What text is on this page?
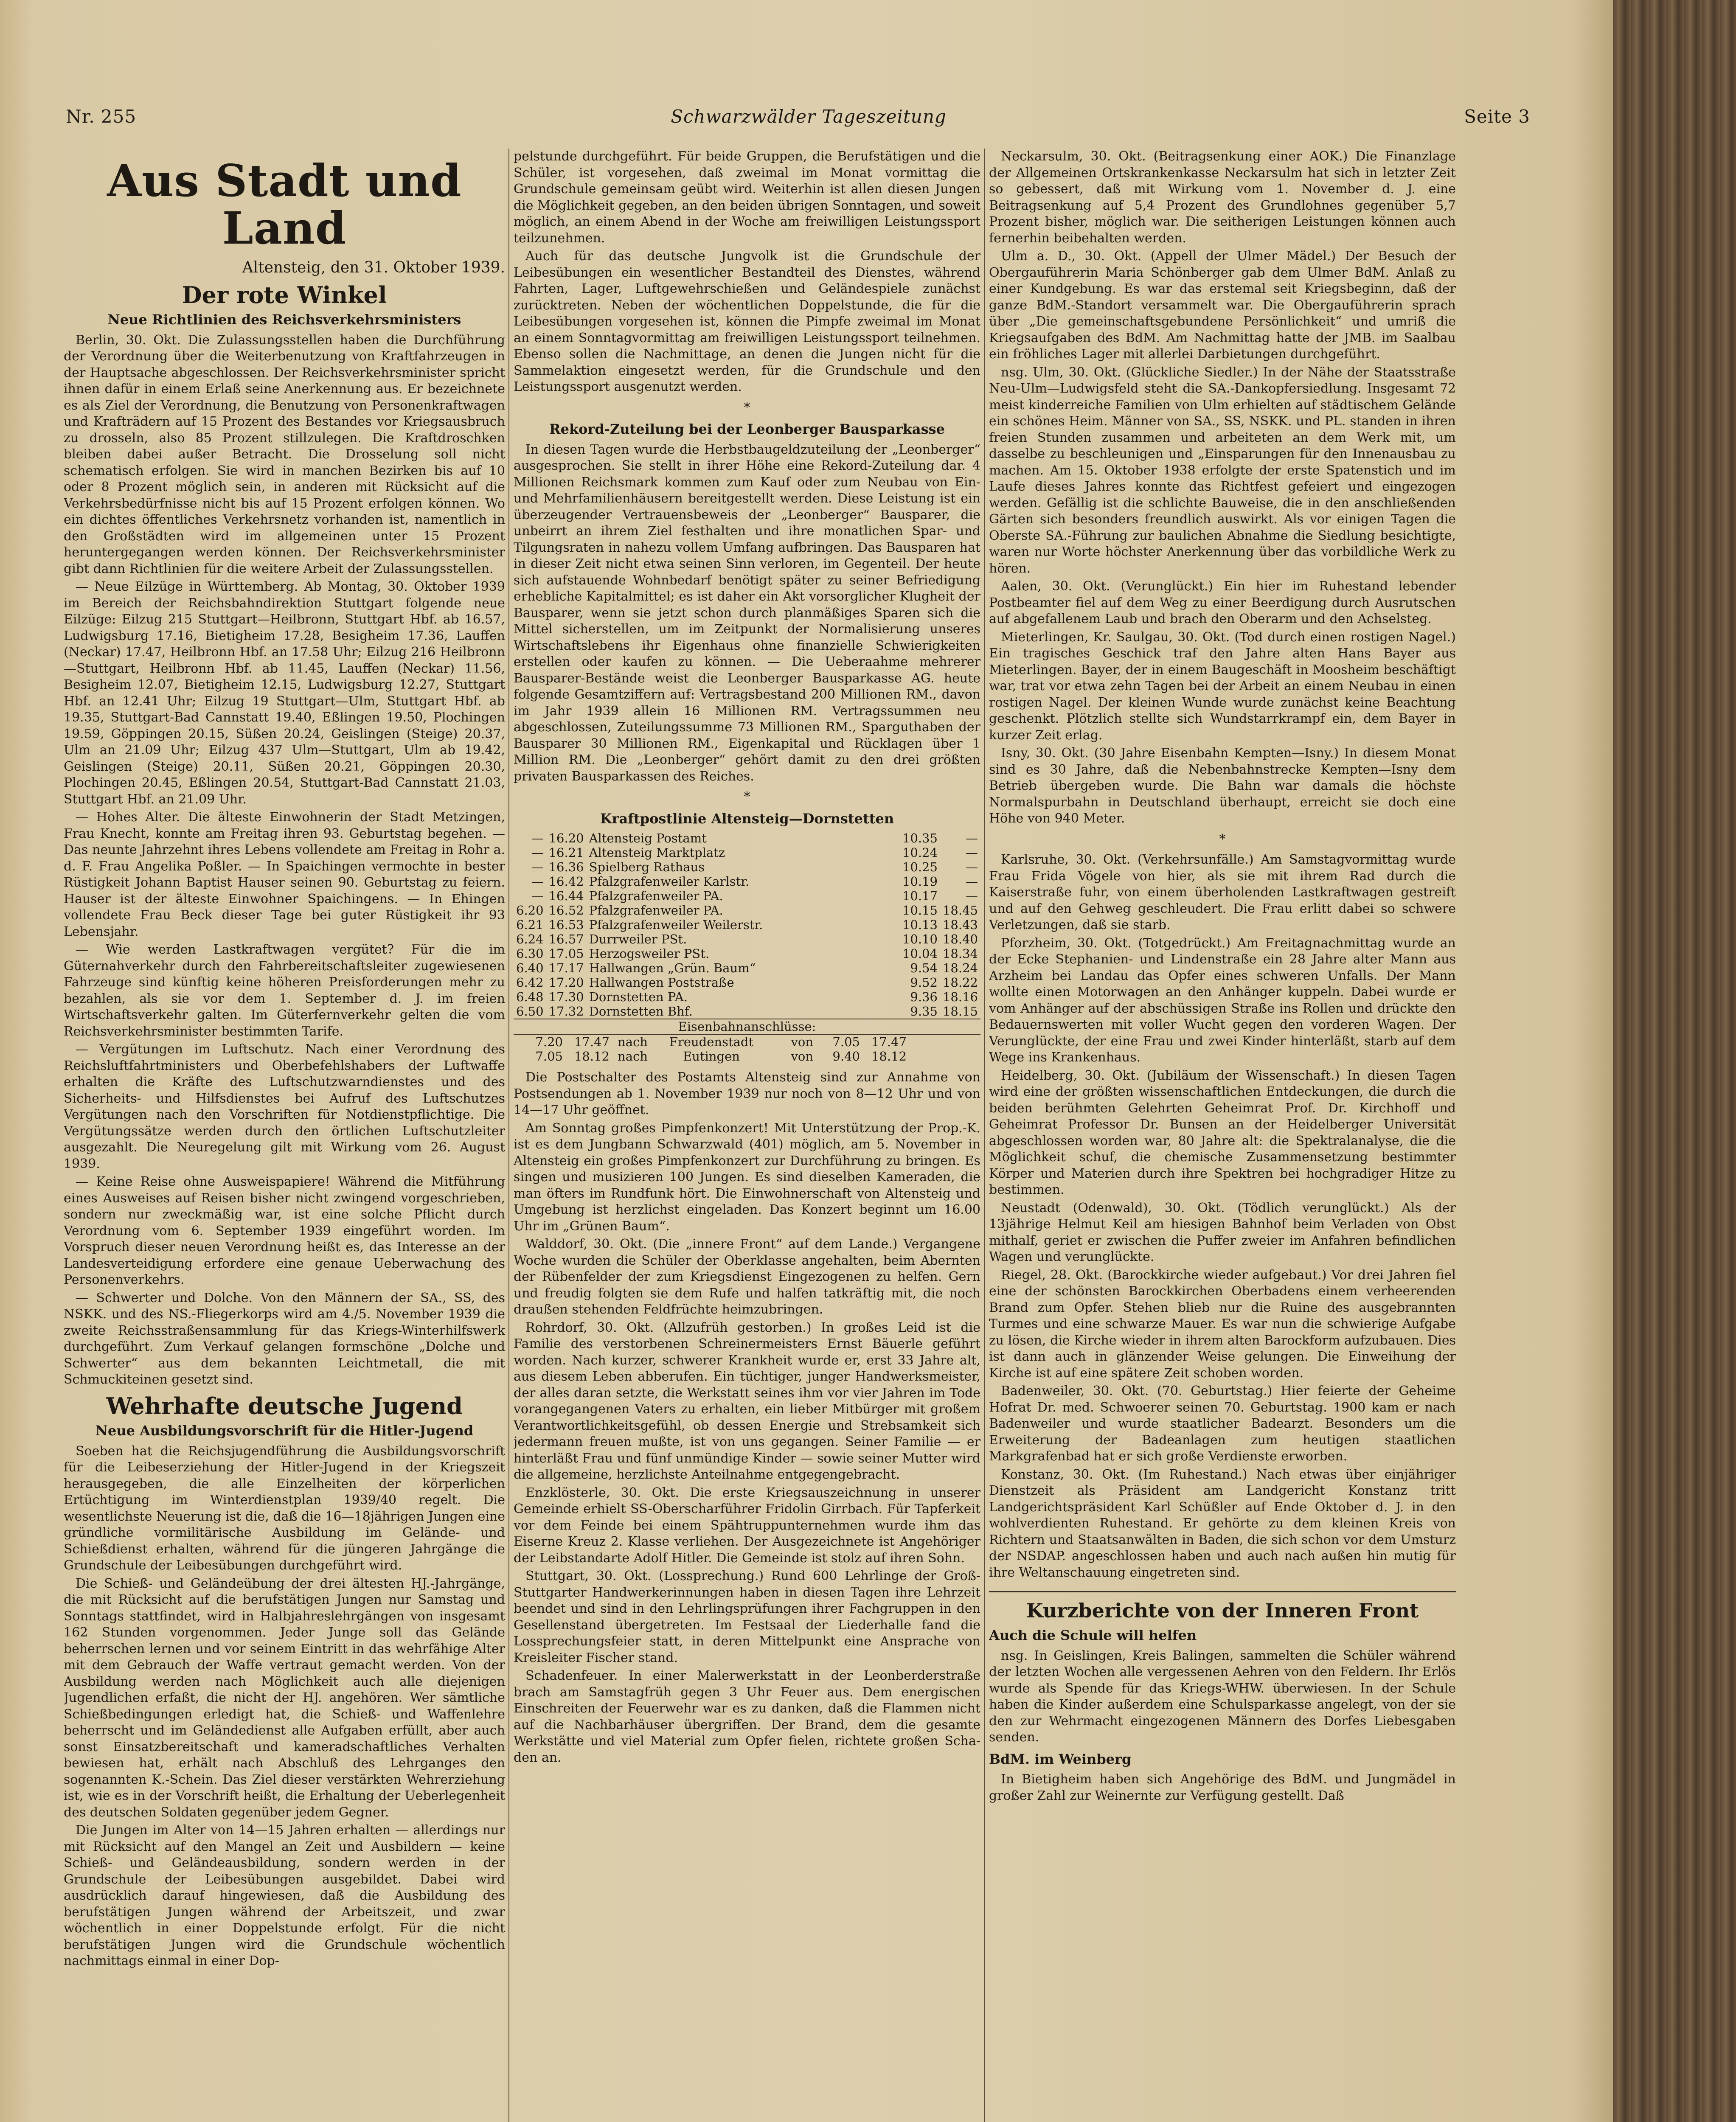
Nr. 255	Schwarzwälder Tageszeitung	Seite 3
Aus Stadt und Land
Altensteig, den 31. Oktober 1939.
Der rote Winkel
Neue Richtlinien des Reichsverkehrsministers

Berlin, 30. Okt. Die Zulassungsstellen haben die Durchführung der Verordnung über die Weiterbenutzung von Kraftfahrzeugen in der Hauptsache abgeschlossen. Der Reichsverkehrsminister spricht ihnen dafür in einem Erlaß seine Anerkennung aus. Er bezeichnete es als Ziel der Verordnung, die Benutzung von Personenkraftwagen und Krafträdern auf 15 Prozent des Bestandes vor Kriegsausbruch zu drosseln, also 85 Prozent stillzulegen. Die Kraftdroschken bleiben dabei außer Betracht. Die Drosselung soll nicht schematisch erfolgen. Sie wird in manchen Bezirken bis auf 10 oder 8 Prozent möglich sein, in anderen mit Rücksicht auf die Verkehrsbedürfnisse nicht bis auf 15 Prozent erfolgen können. Wo ein dichtes öffentliches Verkehrsnetz vorhanden ist, namentlich in den Großstädten wird im allgemeinen unter 15 Prozent heruntergegangen werden können. Der Reichsverkehrsminister gibt dann Richtlinien für die weitere Arbeit der Zulassungsstellen.

— Neue Eilzüge in Württemberg. Ab Montag, 30. Oktober 1939 im Bereich der Reichsbahndirektion Stuttgart folgende neue Eilzüge: Eilzug 215 Stuttgart—Heilbronn, Stuttgart Hbf. ab 16.57, Ludwigsburg 17.16, Bietigheim 17.28, Besigheim 17.36, Lauffen (Neckar) 17.47, Heilbronn Hbf. an 17.58 Uhr; Eilzug 216 Heilbronn—Stuttgart, Heilbronn Hbf. ab 11.45, Lauffen (Neckar) 11.56, Besigheim 12.07, Bietigheim 12.15, Ludwigsburg 12.27, Stuttgart Hbf. an 12.41 Uhr; Eilzug 19 Stuttgart—Ulm, Stuttgart Hbf. ab 19.35, Stuttgart-Bad Cannstatt 19.40, Eßlingen 19.50, Plochingen 19.59, Göppingen 20.15, Süßen 20.24, Geislingen (Steige) 20.37, Ulm an 21.09 Uhr; Eilzug 437 Ulm—Stuttgart, Ulm ab 19.42, Geislingen (Steige) 20.11, Süßen 20.21, Göppingen 20.30, Plochingen 20.45, Eßlingen 20.54, Stuttgart-Bad Cannstatt 21.03, Stuttgart Hbf. an 21.09 Uhr.

— Hohes Alter. Die älteste Einwohnerin der Stadt Metzingen, Frau Knecht, konnte am Freitag ihren 93. Geburtstag begehen. — Das neunte Jahrzehnt ihres Lebens vollendete am Freitag in Rohr a. d. F. Frau Angelika Poßler. — In Spaichingen vermochte in bester Rüstigkeit Johann Baptist Hauser seinen 90. Geburtstag zu feiern. Hauser ist der älteste Einwohner Spaichingens. — In Ehingen vollendete Frau Beck dieser Tage bei guter Rüstigkeit ihr 93 Lebensjahr.

— Wie werden Lastkraftwagen vergütet? Für die im Güternahverkehr durch den Fahrbereitschaftsleiter zugewiesenen Fahrzeuge sind künftig keine höheren Preisforderungen mehr zu bezahlen, als sie vor dem 1. September d. J. im freien Wirtschaftsverkehr galten. Im Güterfernverkehr gelten die vom Reichsverkehrsminister bestimmten Tarife.

— Vergütungen im Luftschutz. Nach einer Verordnung des Reichsluftfahrtministers und Oberbefehlshabers der Luftwaffe erhalten die Kräfte des Luftschutzwarndienstes und des Sicherheits- und Hilfsdienstes bei Aufruf des Luftschutzes Vergütungen nach den Vorschriften für Notdienstpflichtige. Die Vergütungssätze werden durch den örtlichen Luftschutzleiter ausgezahlt. Die Neuregelung gilt mit Wirkung vom 26. August 1939.

— Keine Reise ohne Ausweispapiere! Während die Mitführung eines Ausweises auf Reisen bisher nicht zwingend vorgeschrieben, sondern nur zweckmäßig war, ist eine solche Pflicht durch Verordnung vom 6. September 1939 eingeführt worden. Im Vorspruch dieser neuen Verordnung heißt es, das Interesse an der Landesverteidigung erfordere eine genaue Ueberwachung des Personenverkehrs.

— Schwerter und Dolche. Von den Männern der SA., SS, des NSKK. und des NS.-Fliegerkorps wird am 4./5. November 1939 die zweite Reichsstraßensammlung für das Kriegs-Winterhilfswerk durchgeführt. Zum Verkauf gelangen formschöne „Dolche und Schwerter“ aus dem bekannten Leichtmetall, die mit Schmuckiteinen gesetzt sind.

Wehrhafte deutsche Jugend
Neue Ausbildungsvorschrift für die Hitler-Jugend

Soeben hat die Reichsjugendführung die Ausbildungsvorschrift für die Leibeserziehung der Hitler-Jugend in der Kriegszeit herausgegeben, die alle Einzelheiten der körperlichen Ertüchtigung im Winterdienstplan 1939/40 regelt. Die wesentlichste Neuerung ist die, daß die 16—18jährigen Jungen eine gründliche vormilitärische Ausbildung im Gelände- und Schießdienst erhalten, während für die jüngeren Jahrgänge die Grundschule der Leibesübungen durchgeführt wird.

Die Schieß- und Geländeübung der drei ältesten HJ.-Jahrgänge, die mit Rücksicht auf die berufstätigen Jungen nur Samstag und Sonntags stattfindet, wird in Halbjahreslehrgängen von insgesamt 162 Stunden vorgenommen. Jeder Junge soll das Gelände beherrschen lernen und vor seinem Eintritt in das wehrfähige Alter mit dem Gebrauch der Waffe vertraut gemacht werden. Von der Ausbildung werden nach Möglichkeit auch alle diejenigen Jugendlichen erfaßt, die nicht der HJ. angehören. Wer sämtliche Schießbedingungen erledigt hat, die Schieß- und Waffenlehre beherrscht und im Geländedienst alle Aufgaben erfüllt, aber auch sonst Einsatzbereitschaft und kameradschaftliches Verhalten bewiesen hat, erhält nach Abschluß des Lehrganges den sogenannten K.-Schein. Das Ziel dieser verstärkten Wehrerziehung ist, wie es in der Vorschrift heißt, die Erhaltung der Ueberlegenheit des deutschen Soldaten gegenüber jedem Gegner.

Die Jungen im Alter von 14—15 Jahren erhalten — allerdings nur mit Rücksicht auf den Mangel an Zeit und Ausbildern — keine Schieß- und Geländeausbildung, sondern werden in der Grundschule der Leibesübungen ausgebildet. Dabei wird ausdrücklich darauf hingewiesen, daß die Ausbildung des berufstätigen Jungen während der Arbeitszeit, und zwar wöchentlich in einer Doppelstunde erfolgt. Für die nicht berufstätigen Jungen wird die Grundschule wöchentlich nachmittags einmal in einer Dop-

pelstunde durchgeführt. Für beide Gruppen, die Berufstätigen und die Schüler, ist vorgesehen, daß zweimal im Monat vormittag die Grundschule gemeinsam geübt wird. Weiterhin ist allen diesen Jungen die Möglichkeit gegeben, an den beiden übrigen Sonntagen, und soweit möglich, an einem Abend in der Woche am freiwilligen Leistungssport teilzunehmen.

Auch für das deutsche Jungvolk ist die Grundschule der Leibesübungen ein wesentlicher Bestandteil des Dienstes, während Fahrten, Lager, Luftgewehrschießen und Geländespiele zunächst zurücktreten. Neben der wöchentlichen Doppelstunde, die für die Leibesübungen vorgesehen ist, können die Pimpfe zweimal im Monat an einem Sonntagvormittag am freiwilligen Leistungssport teilnehmen. Ebenso sollen die Nachmittage, an denen die Jungen nicht für die Sammelaktion eingesetzt werden, für die Grundschule und den Leistungssport ausgenutzt werden.

*
Rekord-Zuteilung bei der Leonberger Bausparkasse

In diesen Tagen wurde die Herbstbaugeldzuteilung der „Leonberger“ ausgesprochen. Sie stellt in ihrer Höhe eine Rekord-Zuteilung dar. 4 Millionen Reichsmark kommen zum Kauf oder zum Neubau von Ein- und Mehrfamilienhäusern bereitgestellt werden. Diese Leistung ist ein überzeugender Vertrauensbeweis der „Leonberger“ Bausparer, die unbeirrt an ihrem Ziel festhalten und ihre monatlichen Spar- und Tilgungsraten in nahezu vollem Umfang aufbringen. Das Bausparen hat in dieser Zeit nicht etwa seinen Sinn verloren, im Gegenteil. Der heute sich aufstauende Wohnbedarf benötigt später zu seiner Befriedigung erhebliche Kapitalmittel; es ist daher ein Akt vorsorglicher Klugheit der Bausparer, wenn sie jetzt schon durch planmäßiges Sparen sich die Mittel sicherstellen, um im Zeitpunkt der Normalisierung unseres Wirtschaftslebens ihr Eigenhaus ohne finanzielle Schwierigkeiten erstellen oder kaufen zu können. — Die Ueberaahme mehrerer Bausparer-Bestände weist die Leonberger Bausparkasse AG. heute folgende Gesamtziffern auf: Vertragsbestand 200 Millionen RM., davon im Jahr 1939 allein 16 Millionen RM. Vertragssummen neu abgeschlossen, Zuteilungssumme 73 Millionen RM., Sparguthaben der Bausparer 30 Millionen RM., Eigenkapital und Rücklagen über 1 Million RM. Die „Leonberger“ gehört damit zu den drei größten privaten Bausparkassen des Reiches.

*
Kraftpostlinie Altensteig—Dornstetten
—	16.20	Altensteig Postamt	10.35	—
—	16.21	Altensteig Marktplatz	10.24	—
—	16.36	Spielberg Rathaus	10.25	—
—	16.42	Pfalzgrafenweiler Karlstr.	10.19	—
—	16.44	Pfalzgrafenweiler PA.	10.17	—
6.20	16.52	Pfalzgrafenweiler PA.	10.15	18.45
6.21	16.53	Pfalzgrafenweiler Weilerstr.	10.13	18.43
6.24	16.57	Durrweiler PSt.	10.10	18.40
6.30	17.05	Herzogsweiler PSt.	10.04	18.34
6.40	17.17	Hallwangen „Grün. Baum“	9.54	18.24
6.42	17.20	Hallwangen Poststraße	9.52	18.22
6.48	17.30	Dornstetten PA.	9.36	18.16
6.50	17.32	Dornstetten Bhf.	9.35	18.15
Eisenbahnanschlüsse:				
7.20 17.47 nach Freudenstadt von 7.05 17.47				
7.05 18.12 nach Eutingen von 9.40 18.12				

Die Postschalter des Postamts Altensteig sind zur Annahme von Postsendungen ab 1. November 1939 nur noch von 8—12 Uhr und von 14—17 Uhr geöffnet.

Am Sonntag großes Pimpfenkonzert! Mit Unterstützung der Prop.-K. ist es dem Jungbann Schwarzwald (401) möglich, am 5. November in Altensteig ein großes Pimpfenkonzert zur Durchführung zu bringen. Es singen und musizieren 100 Jungen. Es sind dieselben Kameraden, die man öfters im Rundfunk hört. Die Einwohnerschaft von Altensteig und Umgebung ist herzlichst eingeladen. Das Konzert beginnt um 16.00 Uhr im „Grünen Baum“.

Walddorf, 30. Okt. (Die „innere Front“ auf dem Lande.) Vergangene Woche wurden die Schüler der Oberklasse angehalten, beim Abernten der Rübenfelder der zum Kriegsdienst Eingezogenen zu helfen. Gern und freudig folgten sie dem Rufe und halfen tatkräftig mit, die noch draußen stehenden Feldfrüchte heimzubringen.

Rohrdorf, 30. Okt. (Allzufrüh gestorben.) In großes Leid ist die Familie des verstorbenen Schreinermeisters Ernst Bäuerle geführt worden. Nach kurzer, schwerer Krankheit wurde er, erst 33 Jahre alt, aus diesem Leben abberufen. Ein tüchtiger, junger Handwerksmeister, der alles daran setzte, die Werkstatt seines ihm vor vier Jahren im Tode vorangegangenen Vaters zu erhalten, ein lieber Mitbürger mit großem Verantwortlichkeitsgefühl, ob dessen Energie und Strebsamkeit sich jedermann freuen mußte, ist von uns gegangen. Seiner Familie — er hinterläßt Frau und fünf unmündige Kinder — sowie seiner Mutter wird die allgemeine, herzlichste Anteilnahme entgegengebracht.

Enzklösterle, 30. Okt. Die erste Kriegsauszeichnung in unserer Gemeinde erhielt SS-Oberscharführer Fridolin Girrbach. Für Tapferkeit vor dem Feinde bei einem Spähtruppunternehmen wurde ihm das Eiserne Kreuz 2. Klasse verliehen. Der Ausgezeichnete ist Angehöriger der Leibstandarte Adolf Hitler. Die Gemeinde ist stolz auf ihren Sohn.

Stuttgart, 30. Okt. (Lossprechung.) Rund 600 Lehrlinge der Groß-Stuttgarter Handwerkerinnungen haben in diesen Tagen ihre Lehrzeit beendet und sind in den Lehrlingsprüfungen ihrer Fachgruppen in den Gesellenstand übergetreten. Im Festsaal der Liederhalle fand die Lossprechungsfeier statt, in deren Mittelpunkt eine Ansprache von Kreisleiter Fischer stand.

Schadenfeuer. In einer Malerwerkstatt in der Leonberderstraße brach am Samstagfrüh gegen 3 Uhr Feuer aus. Dem energischen Einschreiten der Feuerwehr war es zu danken, daß die Flammen nicht auf die Nachbarhäuser übergriffen. Der Brand, dem die gesamte Werkstätte und viel Material zum Opfer fielen, richtete großen Scha-den an.

Neckarsulm, 30. Okt. (Beitragsenkung einer AOK.) Die Finanzlage der Allgemeinen Ortskrankenkasse Neckarsulm hat sich in letzter Zeit so gebessert, daß mit Wirkung vom 1. November d. J. eine Beitragsenkung auf 5,4 Prozent des Grundlohnes gegenüber 5,7 Prozent bisher, möglich war. Die seitherigen Leistungen können auch fernerhin beibehalten werden.

Ulm a. D., 30. Okt. (Appell der Ulmer Mädel.) Der Besuch der Obergauführerin Maria Schönberger gab dem Ulmer BdM. Anlaß zu einer Kundgebung. Es war das erstemal seit Kriegsbeginn, daß der ganze BdM.-Standort versammelt war. Die Obergauführerin sprach über „Die gemeinschaftsgebundene Persönlichkeit“ und umriß die Kriegsaufgaben des BdM. Am Nachmittag hatte der JMB. im Saalbau ein fröhliches Lager mit allerlei Darbietungen durchgeführt.

nsg. Ulm, 30. Okt. (Glückliche Siedler.) In der Nähe der Staatsstraße Neu-Ulm—Ludwigsfeld steht die SA.-Dankopfersiedlung. Insgesamt 72 meist kinderreiche Familien von Ulm erhielten auf städtischem Gelände ein schönes Heim. Männer von SA., SS, NSKK. und PL. standen in ihren freien Stunden zusammen und arbeiteten an dem Werk mit, um dasselbe zu beschleunigen und „Einsparungen für den Innenausbau zu machen. Am 15. Oktober 1938 erfolgte der erste Spatenstich und im Laufe dieses Jahres konnte das Richtfest gefeiert und eingezogen werden. Gefällig ist die schlichte Bauweise, die in den anschließenden Gärten sich besonders freundlich auswirkt. Als vor einigen Tagen die Oberste SA.-Führung zur baulichen Abnahme die Siedlung besichtigte, waren nur Worte höchster Anerkennung über das vorbildliche Werk zu hören.

Aalen, 30. Okt. (Verunglückt.) Ein hier im Ruhestand lebender Postbeamter fiel auf dem Weg zu einer Beerdigung durch Ausrutschen auf abgefallenem Laub und brach den Oberarm und den Achselsteg.

Mieterlingen, Kr. Saulgau, 30. Okt. (Tod durch einen rostigen Nagel.) Ein tragisches Geschick traf den Jahre alten Hans Bayer aus Mieterlingen. Bayer, der in einem Baugeschäft in Moosheim beschäftigt war, trat vor etwa zehn Tagen bei der Arbeit an einem Neubau in einen rostigen Nagel. Der kleinen Wunde wurde zunächst keine Beachtung geschenkt. Plötzlich stellte sich Wundstarrkrampf ein, dem Bayer in kurzer Zeit erlag.

Isny, 30. Okt. (30 Jahre Eisenbahn Kempten—Isny.) In diesem Monat sind es 30 Jahre, daß die Nebenbahnstrecke Kempten—Isny dem Betrieb übergeben wurde. Die Bahn war damals die höchste Normalspurbahn in Deutschland überhaupt, erreicht sie doch eine Höhe von 940 Meter.

*

Karlsruhe, 30. Okt. (Verkehrsunfälle.) Am Samstagvormittag wurde Frau Frida Vögele von hier, als sie mit ihrem Rad durch die Kaiserstraße fuhr, von einem überholenden Lastkraftwagen gestreift und auf den Gehweg geschleudert. Die Frau erlitt dabei so schwere Verletzungen, daß sie starb.

Pforzheim, 30. Okt. (Totgedrückt.) Am Freitagnachmittag wurde an der Ecke Stephanien- und Lindenstraße ein 28 Jahre alter Mann aus Arzheim bei Landau das Opfer eines schweren Unfalls. Der Mann wollte einen Motorwagen an den Anhänger kuppeln. Dabei wurde er vom Anhänger auf der abschüssigen Straße ins Rollen und drückte den Bedauernswerten mit voller Wucht gegen den vorderen Wagen. Der Verunglückte, der eine Frau und zwei Kinder hinterläßt, starb auf dem Wege ins Krankenhaus.

Heidelberg, 30. Okt. (Jubiläum der Wissenschaft.) In diesen Tagen wird eine der größten wissenschaftlichen Entdeckungen, die durch die beiden berühmten Gelehrten Geheimrat Prof. Dr. Kirchhoff und Geheimrat Professor Dr. Bunsen an der Heidelberger Universität abgeschlossen worden war, 80 Jahre alt: die Spektralanalyse, die die Möglichkeit schuf, die chemische Zusammensetzung bestimmter Körper und Materien durch ihre Spektren bei hochgradiger Hitze zu bestimmen.

Neustadt (Odenwald), 30. Okt. (Tödlich verunglückt.) Als der 13jährige Helmut Keil am hiesigen Bahnhof beim Verladen von Obst mithalf, geriet er zwischen die Puffer zweier im Anfahren befindlichen Wagen und verunglückte.

Riegel, 28. Okt. (Barockkirche wieder aufgebaut.) Vor drei Jahren fiel eine der schönsten Barockkirchen Oberbadens einem verheerenden Brand zum Opfer. Stehen blieb nur die Ruine des ausgebrannten Turmes und eine schwarze Mauer. Es war nun die schwierige Aufgabe zu lösen, die Kirche wieder in ihrem alten Barockform aufzubauen. Dies ist dann auch in glänzender Weise gelungen. Die Einweihung der Kirche ist auf eine spätere Zeit schoben worden.

Badenweiler, 30. Okt. (70. Geburtstag.) Hier feierte der Geheime Hofrat Dr. med. Schwoerer seinen 70. Geburtstag. 1900 kam er nach Badenweiler und wurde staatlicher Badearzt. Besonders um die Erweiterung der Badeanlagen zum heutigen staatlichen Markgrafenbad hat er sich große Verdienste erworben.

Konstanz, 30. Okt. (Im Ruhestand.) Nach etwas über einjähriger Dienstzeit als Präsident am Landgericht Konstanz tritt Landgerichtspräsident Karl Schüßler auf Ende Oktober d. J. in den wohlverdienten Ruhestand. Er gehörte zu dem kleinen Kreis von Richtern und Staatsanwälten in Baden, die sich schon vor dem Umsturz der NSDAP. angeschlossen haben und auch nach außen hin mutig für ihre Weltanschauung eingetreten sind.

Kurzberichte von der Inneren Front
Auch die Schule will helfen

nsg. In Geislingen, Kreis Balingen, sammelten die Schüler während der letzten Wochen alle vergessenen Aehren von den Feldern. Ihr Erlös wurde als Spende für das Kriegs-WHW. überwiesen. In der Schule haben die Kinder außerdem eine Schulsparkasse angelegt, von der sie den zur Wehrmacht eingezogenen Männern des Dorfes Liebesgaben senden.

BdM. im Weinberg

In Bietigheim haben sich Angehörige des BdM. und Jungmädel in großer Zahl zur Weinernte zur Verfügung gestellt. Daß
